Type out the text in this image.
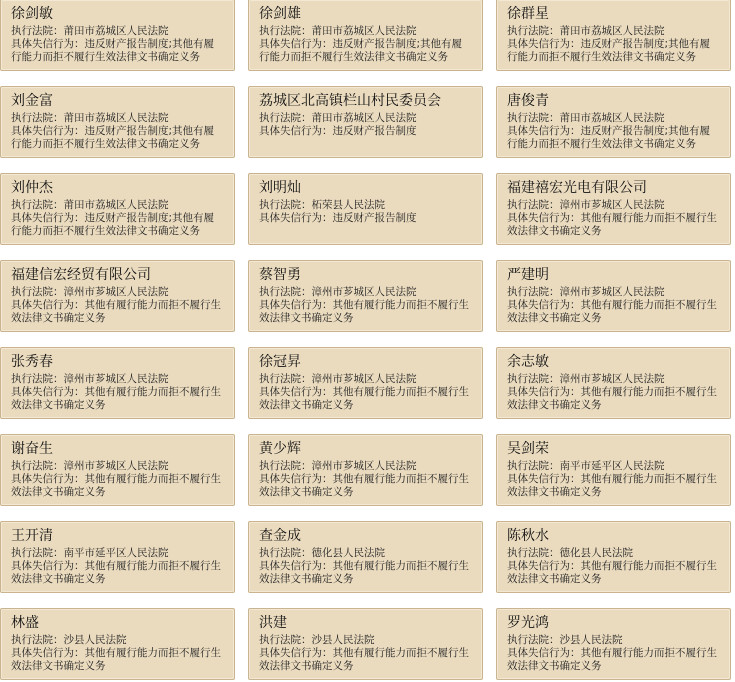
徐剑敏
执行法院：莆田市荔城区人民法院
具体失信行为：违反财产报告制度;其他有履行能力而拒不履行生效法律文书确定义务
徐剑雄
执行法院：莆田市荔城区人民法院
具体失信行为：违反财产报告制度;其他有履行能力而拒不履行生效法律文书确定义务
徐群星
执行法院：莆田市荔城区人民法院
具体失信行为：违反财产报告制度;其他有履行能力而拒不履行生效法律文书确定义务
刘金富
执行法院：莆田市荔城区人民法院
具体失信行为：违反财产报告制度;其他有履行能力而拒不履行生效法律文书确定义务
荔城区北高镇栏山村民委员会
执行法院：莆田市荔城区人民法院
具体失信行为：违反财产报告制度
唐俊青
执行法院：莆田市荔城区人民法院
具体失信行为：违反财产报告制度;其他有履行能力而拒不履行生效法律文书确定义务
刘仲杰
执行法院：莆田市荔城区人民法院
具体失信行为：违反财产报告制度;其他有履行能力而拒不履行生效法律文书确定义务
刘明灿
执行法院：柘荣县人民法院
具体失信行为：违反财产报告制度
福建禧宏光电有限公司
执行法院：漳州市芗城区人民法院
具体失信行为：其他有履行能力而拒不履行生效法律文书确定义务
福建信宏经贸有限公司
执行法院：漳州市芗城区人民法院
具体失信行为：其他有履行能力而拒不履行生效法律文书确定义务
蔡智勇
执行法院：漳州市芗城区人民法院
具体失信行为：其他有履行能力而拒不履行生效法律文书确定义务
严建明
执行法院：漳州市芗城区人民法院
具体失信行为：其他有履行能力而拒不履行生效法律文书确定义务
张秀春
执行法院：漳州市芗城区人民法院
具体失信行为：其他有履行能力而拒不履行生效法律文书确定义务
徐冠昇
执行法院：漳州市芗城区人民法院
具体失信行为：其他有履行能力而拒不履行生效法律文书确定义务
余志敏
执行法院：漳州市芗城区人民法院
具体失信行为：其他有履行能力而拒不履行生效法律文书确定义务
谢奋生
执行法院：漳州市芗城区人民法院
具体失信行为：其他有履行能力而拒不履行生效法律文书确定义务
黄少辉
执行法院：漳州市芗城区人民法院
具体失信行为：其他有履行能力而拒不履行生效法律文书确定义务
吴剑荣
执行法院：南平市延平区人民法院
具体失信行为：其他有履行能力而拒不履行生效法律文书确定义务
王开清
执行法院：南平市延平区人民法院
具体失信行为：其他有履行能力而拒不履行生效法律文书确定义务
查金成
执行法院：德化县人民法院
具体失信行为：其他有履行能力而拒不履行生效法律文书确定义务
陈秋水
执行法院：德化县人民法院
具体失信行为：其他有履行能力而拒不履行生效法律文书确定义务
林盛
执行法院：沙县人民法院
具体失信行为：其他有履行能力而拒不履行生效法律文书确定义务
洪建
执行法院：沙县人民法院
具体失信行为：其他有履行能力而拒不履行生效法律文书确定义务
罗光鸿
执行法院：沙县人民法院
具体失信行为：其他有履行能力而拒不履行生效法律文书确定义务
